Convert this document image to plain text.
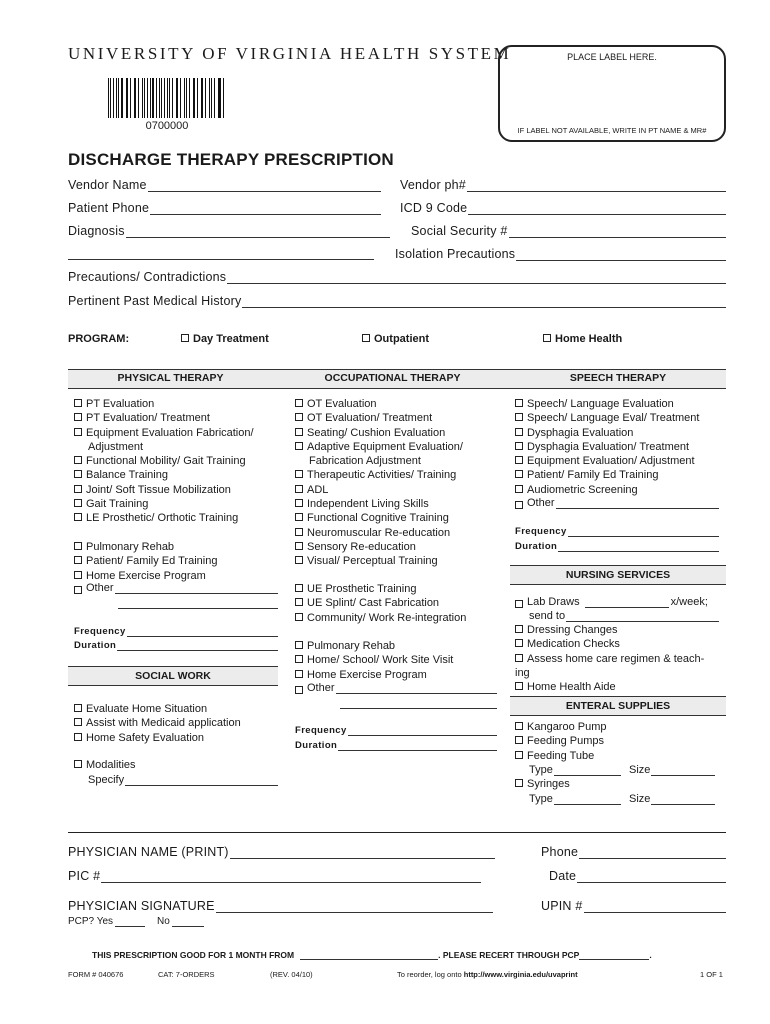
UNIVERSITY OF VIRGINIA HEALTH SYSTEM
0700000
PLACE LABEL HERE.
IF LABEL NOT AVAILABLE, WRITE IN PT NAME & MR#
DISCHARGE THERAPY PRESCRIPTION
Vendor Name	Vendor ph#
Patient Phone	ICD 9 Code
Diagnosis	Social Security #
Isolation Precautions
Precautions/ Contradictions
Pertinent Past Medical History
PROGRAM:	Day Treatment	Outpatient	Home Health
PHYSICAL THERAPY	OCCUPATIONAL THERAPY	SPEECH THERAPY
PT Evaluation
PT Evaluation/ Treatment
Equipment Evaluation Fabrication/
Adjustment
Functional Mobility/ Gait Training
Balance Training
Joint/ Soft Tissue Mobilization
Gait Training
LE Prosthetic/ Orthotic Training
Pulmonary Rehab
Patient/ Family Ed Training
Home Exercise Program
Other
Frequency
Duration
SOCIAL WORK
Evaluate Home Situation
Assist with Medicaid application
Home Safety Evaluation
Modalities
Specify
OT Evaluation
OT Evaluation/ Treatment
Seating/ Cushion Evaluation
Adaptive Equipment Evaluation/
Fabrication Adjustment
Therapeutic Activities/ Training
ADL
Independent Living Skills
Functional Cognitive Training
Neuromuscular Re-education
Sensory Re-education
Visual/ Perceptual Training
UE Prosthetic Training
UE Splint/ Cast Fabrication
Community/ Work Re-integration
Pulmonary Rehab
Home/ School/ Work Site Visit
Home Exercise Program
Other
Frequency
Duration
Speech/ Language Evaluation
Speech/ Language Eval/ Treatment
Dysphagia Evaluation
Dysphagia Evaluation/ Treatment
Equipment Evaluation/ Adjustment
Patient/ Family Ed Training
Audiometric Screening
Other
Frequency
Duration
NURSING SERVICES
Lab Draws	x/week;
send to
Dressing Changes
Medication Checks
Assess home care regimen & teach-
ing
Home Health Aide
ENTERAL SUPPLIES
Kangaroo Pump
Feeding Pumps
Feeding Tube
Type	Size
Syringes
Type	Size
PHYSICIAN NAME (PRINT)	Phone
PIC #	Date
PHYSICIAN SIGNATURE	UPIN #
PCP? Yes	No
THIS PRESCRIPTION GOOD FOR 1 MONTH FROM	. PLEASE RECERT THROUGH PCP	.
FORM # 040676	CAT: 7-ORDERS	(REV. 04/10)	To reorder, log onto http://www.virginia.edu/uvaprint	1 OF 1
